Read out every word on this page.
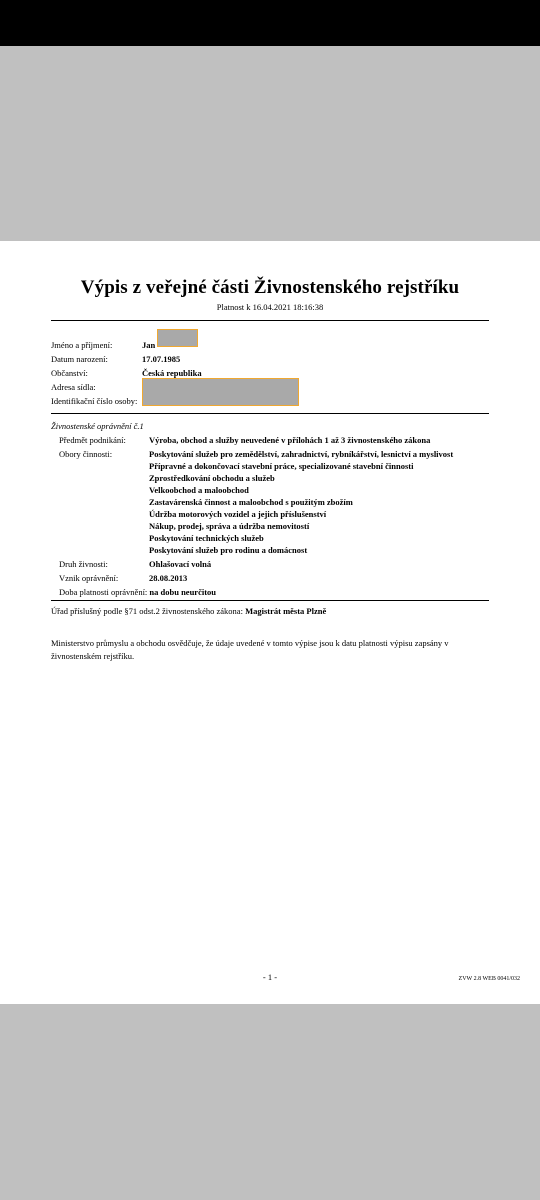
Výpis z veřejné části Živnostenského rejstříku
Platnost k 16.04.2021 18:16:38
Jméno a příjmení:	Jan
Datum narození:	17.07.1985
Občanství:	Česká republika
Adresa sídla:
Identifikační číslo osoby:
Živnostenské oprávnění č.1
Předmět podnikání:	Výroba, obchod a služby neuvedené v přílohách 1 až 3 živnostenského zákona
Obory činnosti:	Poskytování služeb pro zemědělství, zahradnictví, rybníkářství, lesnictví a myslivost
Přípravné a dokončovací stavební práce, specializované stavební činnosti
Zprostředkování obchodu a služeb
Velkoobchod a maloobchod
Zastavárenská činnost a maloobchod s použitým zbožím
Údržba motorových vozidel a jejich příslušenství
Nákup, prodej, správa a údržba nemovitostí
Poskytování technických služeb
Poskytování služeb pro rodinu a domácnost
Druh živnosti:	Ohlašovací volná
Vznik oprávnění:	28.08.2013
Doba platnosti oprávnění: na dobu neurčitou
Úřad příslušný podle §71 odst.2 živnostenského zákona: Magistrát města Plzně
Ministerstvo průmyslu a obchodu osvědčuje, že údaje uvedené v tomto výpise jsou k datu platnosti výpisu zapsány v živnostenském rejstříku.
- 1 -	ZVW 2.8 WEB 0041/032
